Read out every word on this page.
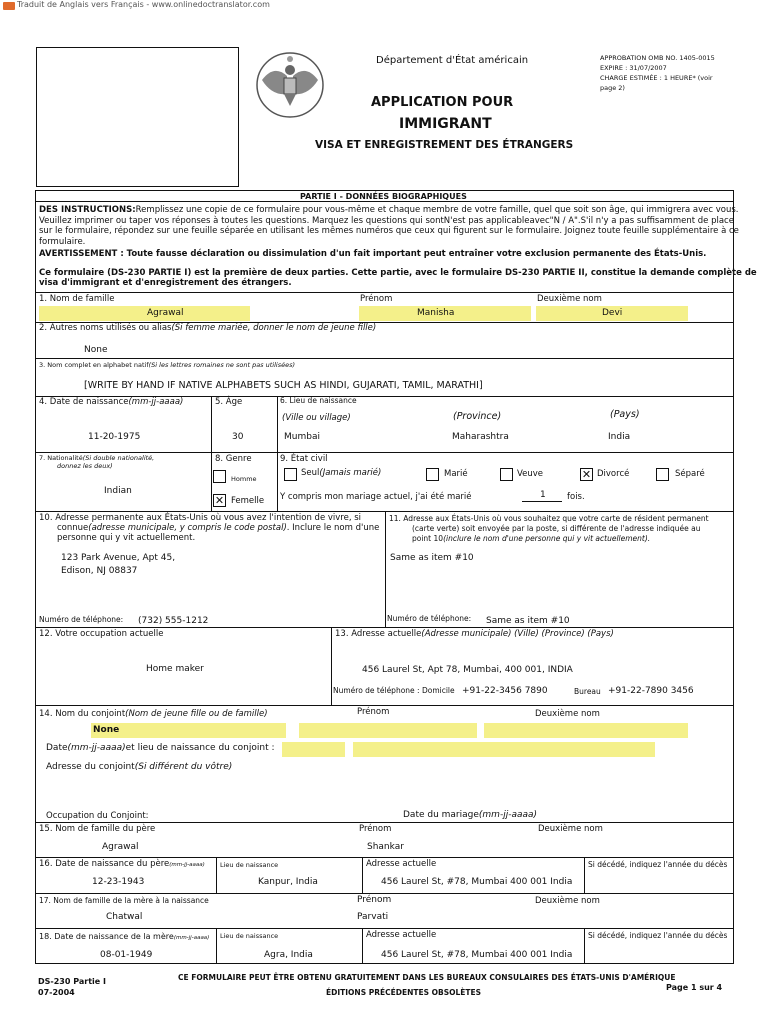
Traduit de Anglais vers Français - www.onlinedoctranslator.com
Département d'État américain
APPLICATION POUR
IMMIGRANT
VISA ET ENREGISTREMENT DES ÉTRANGERS
APPROBATION OMB NO. 1405-0015
EXPIRE : 31/07/2007
CHARGE ESTIMÉE : 1 HEURE* (voir
page 2)
PARTIE I - DONNÉES BIOGRAPHIQUES
DES INSTRUCTIONS:Remplissez une copie de ce formulaire pour vous-même et chaque membre de votre famille, quel que soit son âge, qui immigrera avec vous.
Veuillez imprimer ou taper vos réponses à toutes les questions. Marquez les questions qui sontN'est pas applicableavec"N / A".S'il n'y a pas suffisamment de place
sur le formulaire, répondez sur une feuille séparée en utilisant les mêmes numéros que ceux qui figurent sur le formulaire. Joignez toute feuille supplémentaire à ce
formulaire.
AVERTISSEMENT : Toute fausse déclaration ou dissimulation d'un fait important peut entraîner votre exclusion permanente des États-Unis.
Ce formulaire (DS-230 PARTIE I) est la première de deux parties. Cette partie, avec le formulaire DS-230 PARTIE II, constitue la demande complète de
visa d'immigrant et d'enregistrement des étrangers.
1. Nom de famille	Prénom	Deuxième nom
Agrawal	Manisha	Devi
2. Autres noms utilisés ou alias(Si femme mariée, donner le nom de jeune fille)
None
3. Nom complet en alphabet natif(Si les lettres romaines ne sont pas utilisées)
[WRITE BY HAND IF NATIVE ALPHABETS SUCH AS HINDI, GUJARATI, TAMIL, MARATHI]
4. Date de naissance(mm-jj-aaaa)
11-20-1975
5. Âge
30
6. Lieu de naissance
(Ville ou village)	(Province)	(Pays)
Mumbai	Maharashtra	India
7. Nationalité(Si double nationalité,
donnez les deux)
Indian
8. Genre
Homme
✕ Femelle
9. État civil
Seul(Jamais marié)	Marié	Veuve	✕ Divorcé	Séparé
Y compris mon mariage actuel, j'ai été marié	1	fois.
10. Adresse permanente aux États-Unis où vous avez l'intention de vivre, si
connue(adresse municipale, y compris le code postal). Inclure le nom d'une
personne qui y vit actuellement.
123 Park Avenue, Apt 45,
Edison, NJ 08837
Numéro de téléphone: (732) 555-1212
11. Adresse aux États-Unis où vous souhaitez que votre carte de résident permanent
(carte verte) soit envoyée par la poste, si différente de l'adresse indiquée au
point 10(inclure le nom d'une personne qui y vit actuellement).
Same as item #10
Numéro de téléphone: Same as item #10
12. Votre occupation actuelle
Home maker
13. Adresse actuelle(Adresse municipale) (Ville) (Province) (Pays)
456 Laurel St, Apt 78, Mumbai, 400 001, INDIA
Numéro de téléphone : Domicile +91-22-3456 7890	Bureau +91-22-7890 3456
14. Nom du conjoint(Nom de jeune fille ou de famille)	Prénom	Deuxième nom
None
Date(mm-jj-aaaa)et lieu de naissance du conjoint :
Adresse du conjoint(Si différent du vôtre)
Occupation du Conjoint:	Date du mariage(mm-jj-aaaa)
15. Nom de famille du père	Prénom	Deuxième nom
Agrawal	Shankar
16. Date de naissance du père(mm-jj-aaaa) Lieu de naissance	Adresse actuelle	Si décédé, indiquez l'année du décès
12-23-1943	Kanpur, India	456 Laurel St, #78, Mumbai 400 001 India
17. Nom de famille de la mère à la naissance	Prénom	Deuxième nom
Chatwal	Parvati
18. Date de naissance de la mère(mm-jj-aaaa) Lieu de naissance	Adresse actuelle	Si décédé, indiquez l'année du décès
08-01-1949	Agra, India	456 Laurel St, #78, Mumbai 400 001 India
DS-230 Partie I
07-2004
CE FORMULAIRE PEUT ÊTRE OBTENU GRATUITEMENT DANS LES BUREAUX CONSULAIRES DES ÉTATS-UNIS D'AMÉRIQUE
ÉDITIONS PRÉCÉDENTES OBSOLÈTES
Page 1 sur 4
